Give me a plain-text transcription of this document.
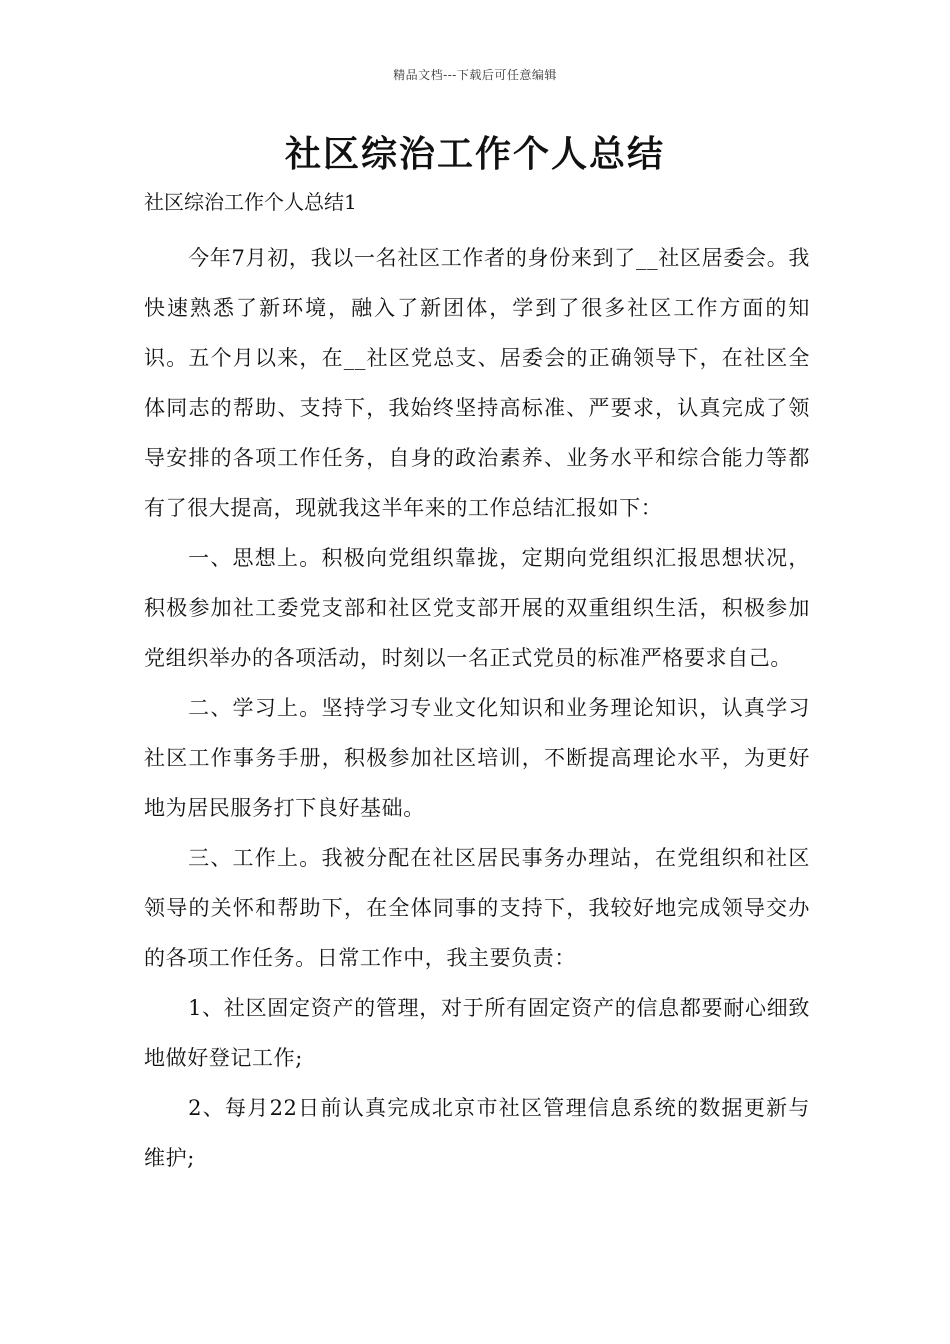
精品文档---下载后可任意编辑
社区综治工作个人总结
社区综治工作个人总结1

今年7月初，我以一名社区工作者的身份来到了__社区居委会。我快速熟悉了新环境，融入了新团体，学到了很多社区工作方面的知识。五个月以来，在__社区党总支、居委会的正确领导下，在社区全体同志的帮助、支持下，我始终坚持高标准、严要求，认真完成了领导安排的各项工作任务，自身的政治素养、业务水平和综合能力等都有了很大提高，现就我这半年来的工作总结汇报如下：

一、思想上。积极向党组织靠拢，定期向党组织汇报思想状况，积极参加社工委党支部和社区党支部开展的双重组织生活，积极参加党组织举办的各项活动，时刻以一名正式党员的标准严格要求自己。

二、学习上。坚持学习专业文化知识和业务理论知识，认真学习社区工作事务手册，积极参加社区培训，不断提高理论水平，为更好地为居民服务打下良好基础。

三、工作上。我被分配在社区居民事务办理站，在党组织和社区领导的关怀和帮助下，在全体同事的支持下，我较好地完成领导交办的各项工作任务。日常工作中，我主要负责：

1、社区固定资产的管理，对于所有固定资产的信息都要耐心细致地做好登记工作;

2、每月22日前认真完成北京市社区管理信息系统的数据更新与维护;
